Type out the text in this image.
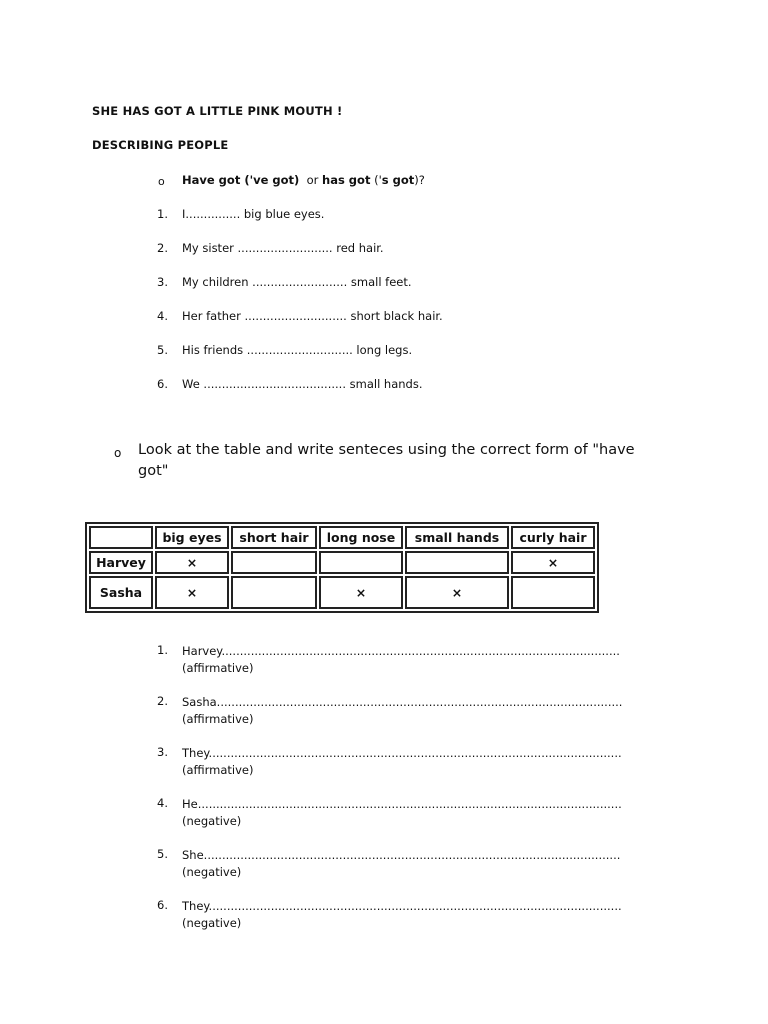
SHE HAS GOT A LITTLE PINK MOUTH !
DESCRIBING PEOPLE
o Have got ('ve got) or has got ('s got)?
1. I............... big blue eyes.
2. My sister .......................... red hair.
3. My children .......................... small feet.
4. Her father ............................ short black hair.
5. His friends ............................. long legs.
6. We ....................................... small hands.
o Look at the table and write senteces using the correct form of "have got"
	big eyes	short hair	long nose	small hands	curly hair
Harvey	×				×
Sasha	×		×	×	
1. Harvey.............................................................................................................
(affirmative)
2. Sasha...............................................................................................................
(affirmative)
3. They.................................................................................................................
(affirmative)
4. He....................................................................................................................
(negative)
5. She..................................................................................................................
(negative)
6. They.................................................................................................................
(negative)
